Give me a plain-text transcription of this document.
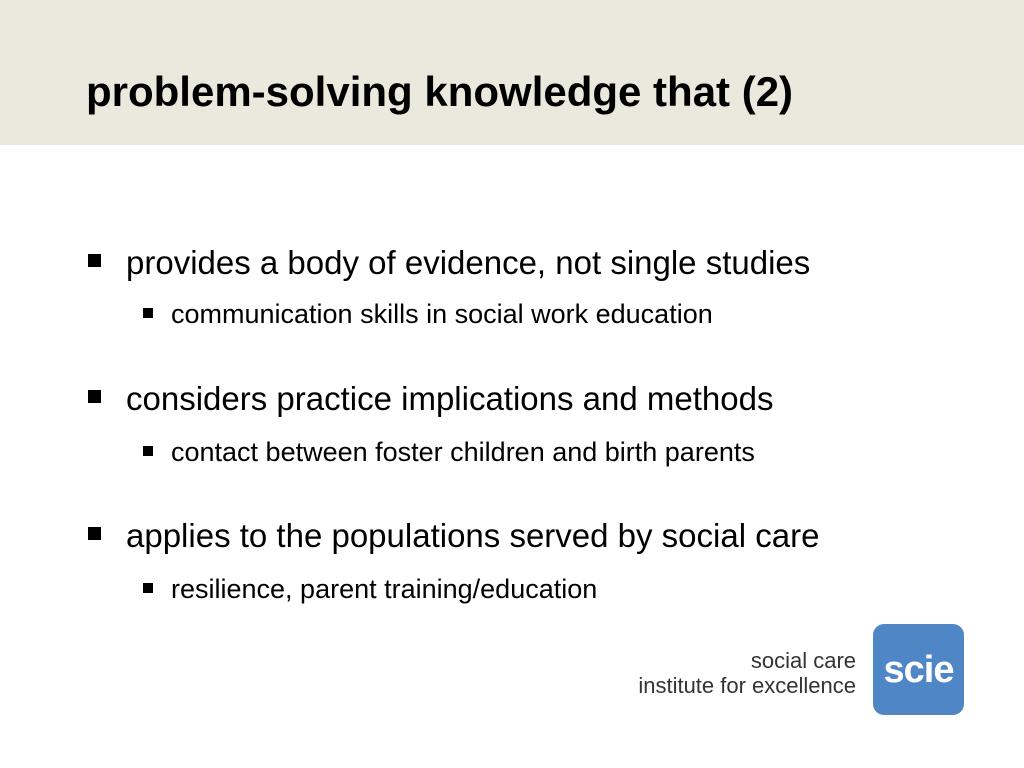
problem-solving knowledge that (2)
provides a body of evidence, not single studies
communication skills in social work education
considers practice implications and methods
contact between foster children and birth parents
applies to the populations served by social care
resilience, parent training/education
social care
institute for excellence scie
